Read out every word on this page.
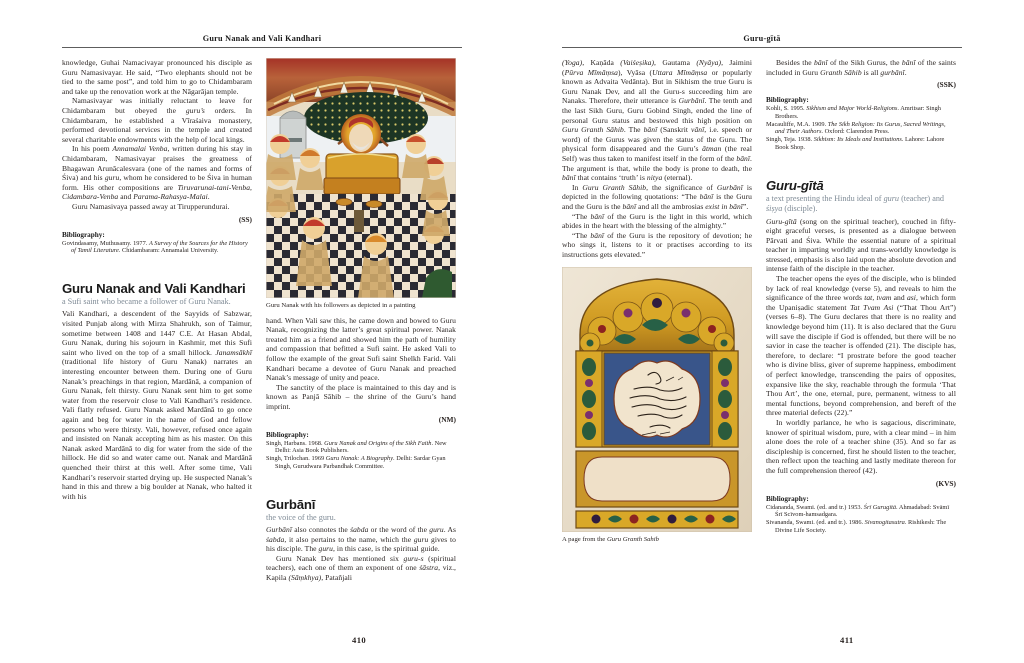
Guru Nanak and Vali Kandhari

knowledge, Guhai Namacivayar pronounced his disciple as Guru Namasivayar. He said, “Two elephants should not be tied to the same post”, and told him to go to Chidambaram and take up the renovation work at the Nāgarājan temple.

Namasivayar was initially reluctant to leave for Chidambaram but obeyed the guru’s orders. In Chidambaram, he established a Vīraśaiva monastery, performed devotional services in the temple and created several charitable endowments with the help of local kings.

In his poem Annamalai Venba, written during his stay in Chidambaram, Namasivayar praises the greatness of Bhagawan Arunācalesvara (one of the names and forms of Śiva) and his guru, whom he considered to be Śiva in human form. His other compositions are Tiruvarunai-tani-Venba, Cidambara-Venba and Parama-Rahasya-Malai.

Guru Namasivaya passed away at Tirupperundurai.

(SS)

Bibliography:

Govindasamy, Muthusamy. 1977. A Survey of the Sources for the History of Tamil Literature. Chidambaram: Annamalai University.

Guru Nanak and Vali Kandhari
a Sufi saint who became a follower of Guru Nanak.

Vali Kandhari, a descendent of the Sayyids of Sabzwar, visited Punjab along with Mirza Shahrukh, son of Taimur, sometime between 1408 and 1447 C.E. At Hasan Abdal, Guru Nanak, during his sojourn in Kashmir, met this Sufi saint who lived on the top of a small hillock. Janamsākhī (traditional life history of Guru Nanak) narrates an interesting encounter between them. During one of Guru Nanak’s preachings in that region, Mardānā, a companion of Guru Nanak, felt thirsty. Guru Nanak sent him to get some water from the reservoir close to Vali Kandhari’s residence. Vali flatly refused. Guru Nanak asked Mardānā to go once again and beg for water in the name of God and fellow persons who were thirsty. Vali, however, refused once again and insisted on Nanak accepting him as his master. On this Nanak asked Mardānā to dig for water from the side of the hillock. He did so and water came out. Nanak and Mardānā quenched their thirst at this well. After some time, Vali Kandhari’s reservoir started drying up. He suspected Nanak’s hand in this and threw a big boulder at Nanak, who halted it with his

Guru Nanak with his followers as depicted in a painting

hand. When Vali saw this, he came down and bowed to Guru Nanak, recognizing the latter’s great spiritual power. Nanak treated him as a friend and showed him the path of humility and compassion that befitted a Sufi saint. He asked Vali to follow the example of the great Sufi saint Shelkh Farid. Vali Kandhari became a devotee of Guru Nanak and preached Nanak’s message of unity and peace.

The sanctity of the place is maintained to this day and is known as Panjā Sāhib – the shrine of the Guru’s hand imprint.

(NM)

Bibliography:

Singh, Harbans. 1968. Guru Nanak and Origins of the Sikh Faith. New Delhi: Asia Book Publishers.

Singh, Trilochan. 1969 Guru Nanak: A Biography. Delhi: Sardar Gyan Singh, Gurudwara Parbandhak Committee.

Gurbānī
the voice of the guru.

Gurbānī also connotes the śabda or the word of the guru. As śabda, it also pertains to the name, which the guru gives to his disciple. The guru, in this case, is the spiritual guide.

Guru Nanak Dev has mentioned six guru-s (spiritual teachers), each one of them an exponent of one śāstra, viz., Kapila (Sāṃkhya), Patañjali

410
Guru-gītā

(Yoga), Kaṇāda (Vaiśeṣika), Gautama (Nyāya), Jaimini (Pūrva Mīmāṃsa), Vyāsa (Uttara Mīmāṃsa or popularly known as Advaita Vedānta). But in Sikhism the true Guru is Guru Nanak Dev, and all the Guru-s succeeding him are Nanaks. Therefore, their utterance is Gurbānī. The tenth and the last Sikh Guru, Guru Gobind Singh, ended the line of personal Guru status and bestowed this high position on Guru Granth Sāhib. The bānī (Sanskrit vānī, i.e. speech or word) of the Gurus was given the status of the Guru. The physical form disappeared and the Guru’s ātman (the real Self) was thus taken to manifest itself in the form of the bānī. The argument is that, while the body is prone to death, the bānī that contains ‘truth’ is nitya (eternal).

In Guru Granth Sāhib, the significance of Gurbānī is depicted in the following quotations: “The bānī is the Guru and the Guru is the bānī and all the ambrosias exist in bānī”.

“The bānī of the Guru is the light in this world, which abides in the heart with the blessing of the almighty.”

“The bānī of the Guru is the repository of devotion; he who sings it, listens to it or practises according to its instructions gets elevated.”

A page from the Guru Granth Sahib

Besides the bānī of the Sikh Gurus, the bānī of the saints included in Guru Granth Sāhib is all gurbānī.

(SSK)

Bibliography:

Kohli, S. 1995. Sikhism and Major World-Religions. Amritsar: Singh Brothers.

Macauliffe, M.A. 1909. The Sikh Religion: Its Gurus, Sacred Writings, and Their Authors. Oxford: Clarendon Press.

Singh, Teja. 1938. Sikhism: Its Ideals and Institutions. Lahore: Lahore Book Shop.

Guru-gītā
a text presenting the Hindu ideal of guru (teacher) and śiṣya (disciple).

Guru-gītā (song on the spiritual teacher), couched in fifty-eight graceful verses, is presented as a dialogue between Pārvati and Śiva. While the essential nature of a spiritual teacher in imparting worldly and trans-worldly knowledge is stressed, emphasis is also laid upon the absolute devotion and intense faith of the disciple in the teacher.

The teacher opens the eyes of the disciple, who is blinded by lack of real knowledge (verse 5), and reveals to him the significance of the three words tat, tvam and asi, which form the Upaniṣadic statement Tat Tvam Asi (“That Thou Art”) (verses 6–8). The Guru declares that there is no reality and knowledge beyond him (11). It is also declared that the Guru will save the disciple if God is offended, but there will be no savior in case the teacher is offended (21). The disciple has, therefore, to declare: “I prostrate before the good teacher who is divine bliss, giver of supreme happiness, embodiment of perfect knowledge, transcending the pairs of opposites, expansive like the sky, reachable through the formula ‘That Thou Art’, the one, eternal, pure, permanent, witness to all mental functions, beyond comprehension, and bereft of the three material defects (22).”

In worldly parlance, he who is sagacious, discriminate, knower of spiritual wisdom, pure, with a clear mind – in him alone does the role of a teacher shine (35). And so far as discipleship is concerned, first he should listen to the teacher, then reflect upon the teaching and lastly meditate thereon for the full comprehension thereof (42).

(KVS)

Bibliography:

Cidananda, Swami. (ed. and tr.) 1953. Śrī Gurugītā. Ahmadabad: Svāmī Śrī Scīvom-hamsadgara.

Sivananda, Swami. (ed. and tr.). 1986. Sivanogitasutra. Rishikesh: The Divine Life Society.

411
